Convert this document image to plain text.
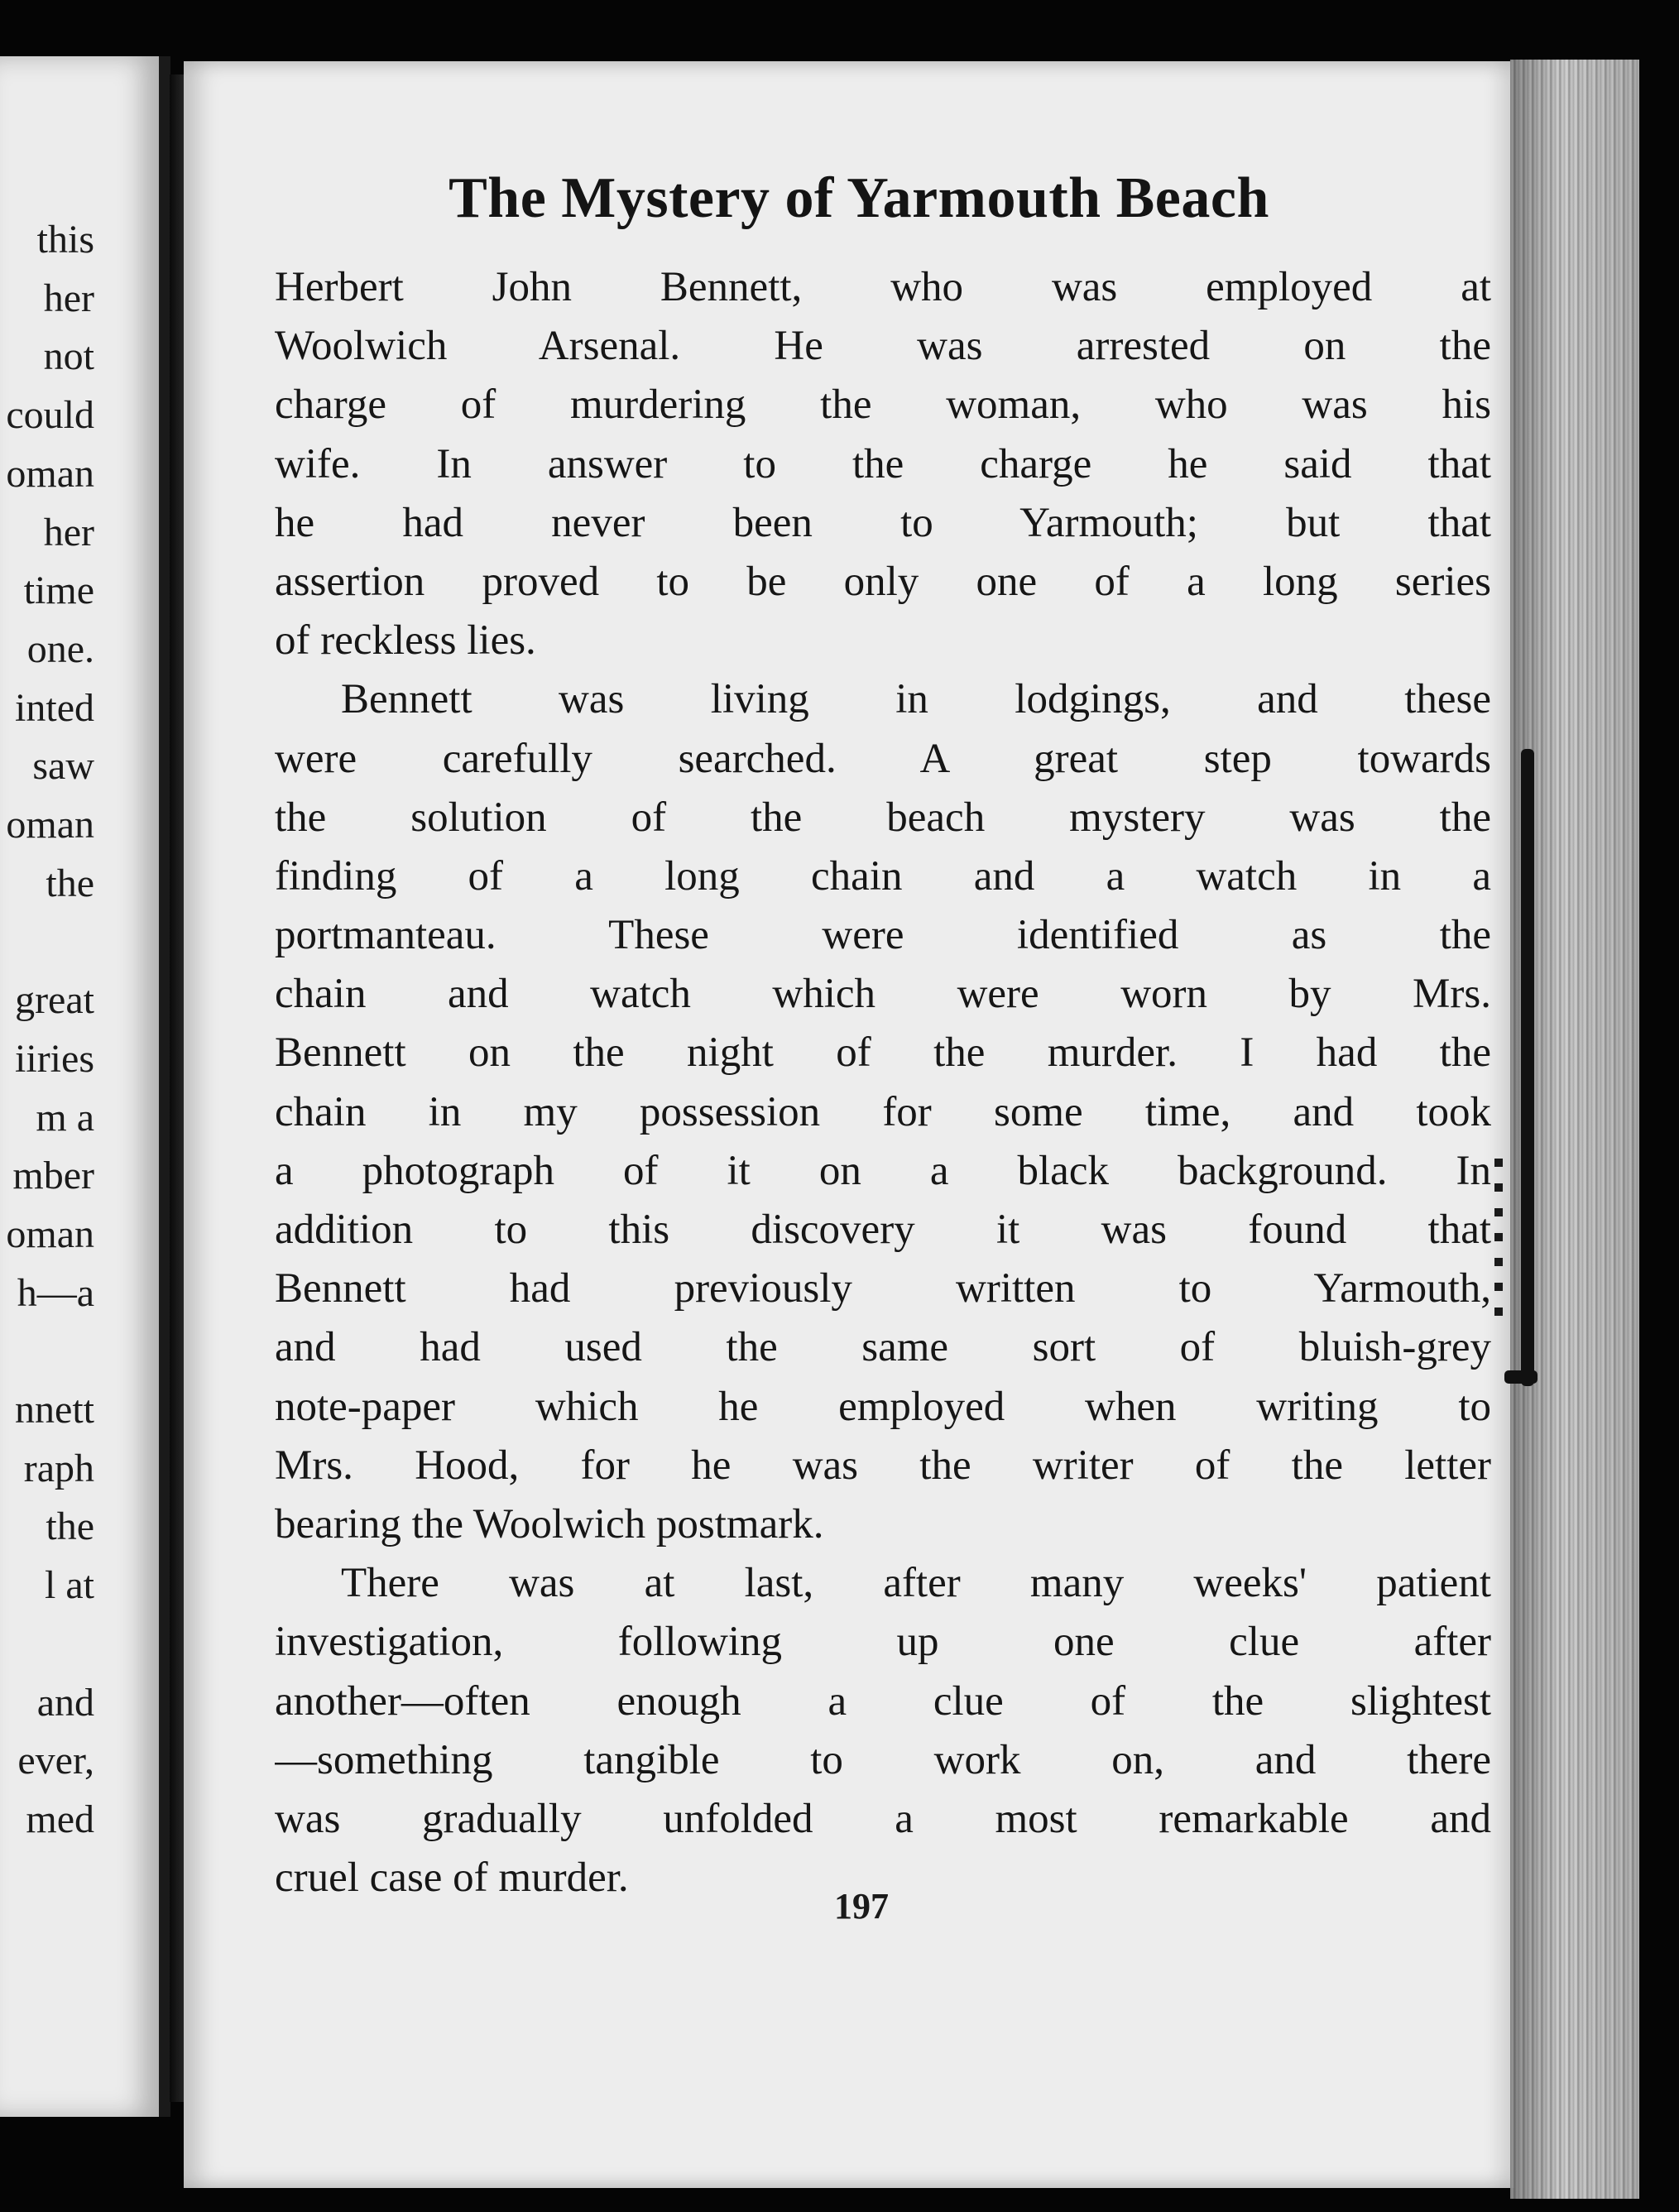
this
her
not
could
oman
her
time
one.
inted
saw
oman
the
great
iiries
m a
mber
oman
h—a
nnett
raph
the
l at
and
ever,
med
The Mystery of Yarmouth Beach
Herbert John Bennett, who was employed at
Woolwich Arsenal. He was arrested on the
charge of murdering the woman, who was his
wife. In answer to the charge he said that
he had never been to Yarmouth; but that
assertion proved to be only one of a long series
of reckless lies.
Bennett was living in lodgings, and these
were carefully searched. A great step towards
the solution of the beach mystery was the
finding of a long chain and a watch in a
portmanteau. These were identified as the
chain and watch which were worn by Mrs.
Bennett on the night of the murder. I had the
chain in my possession for some time, and took
a photograph of it on a black background. In
addition to this discovery it was found that
Bennett had previously written to Yarmouth,
and had used the same sort of bluish-grey
note-paper which he employed when writing to
Mrs. Hood, for he was the writer of the letter
bearing the Woolwich postmark.
There was at last, after many weeks' patient
investigation, following up one clue after
another—often enough a clue of the slightest
—something tangible to work on, and there
was gradually unfolded a most remarkable and
cruel case of murder.
197
